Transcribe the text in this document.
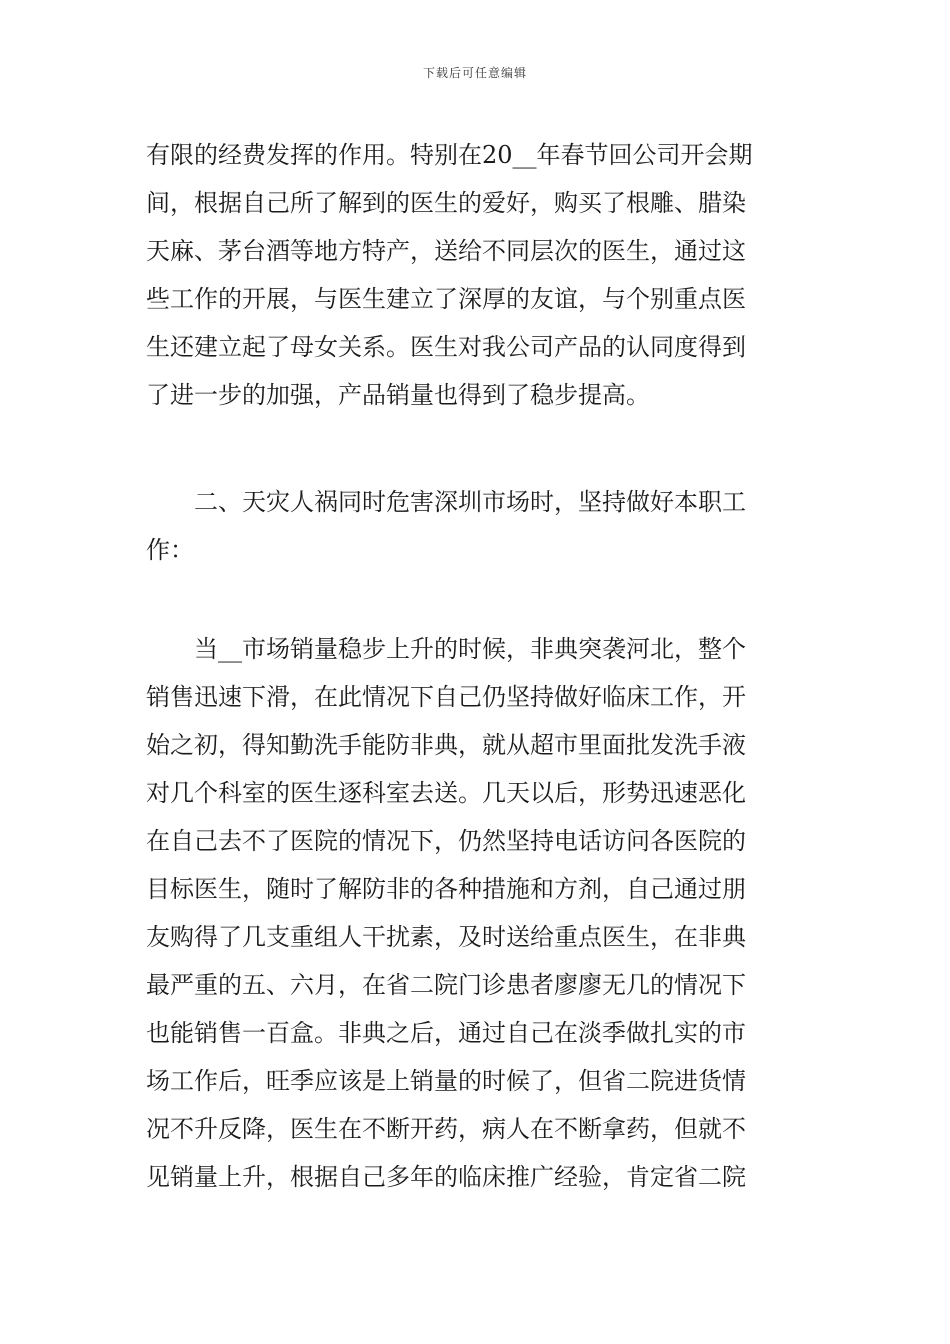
下载后可任意编辑
有限的经费发挥的作用。特别在20__年春节回公司开会期
间，根据自己所了解到的医生的爱好，购买了根雕、腊染
天麻、茅台酒等地方特产，送给不同层次的医生，通过这
些工作的开展，与医生建立了深厚的友谊，与个别重点医
生还建立起了母女关系。医生对我公司产品的认同度得到
了进一步的加强，产品销量也得到了稳步提高。
　　二、天灾人祸同时危害深圳市场时，坚持做好本职工
作：
　　当__市场销量稳步上升的时候，非典突袭河北，整个
销售迅速下滑，在此情况下自己仍坚持做好临床工作，开
始之初，得知勤洗手能防非典，就从超市里面批发洗手液
对几个科室的医生逐科室去送。几天以后，形势迅速恶化
在自己去不了医院的情况下，仍然坚持电话访问各医院的
目标医生，随时了解防非的各种措施和方剂，自己通过朋
友购得了几支重组人干扰素，及时送给重点医生，在非典
最严重的五、六月，在省二院门诊患者廖廖无几的情况下
也能销售一百盒。非典之后，通过自己在淡季做扎实的市
场工作后，旺季应该是上销量的时候了，但省二院进货情
况不升反降，医生在不断开药，病人在不断拿药，但就不
见销量上升，根据自己多年的临床推广经验，肯定省二院
